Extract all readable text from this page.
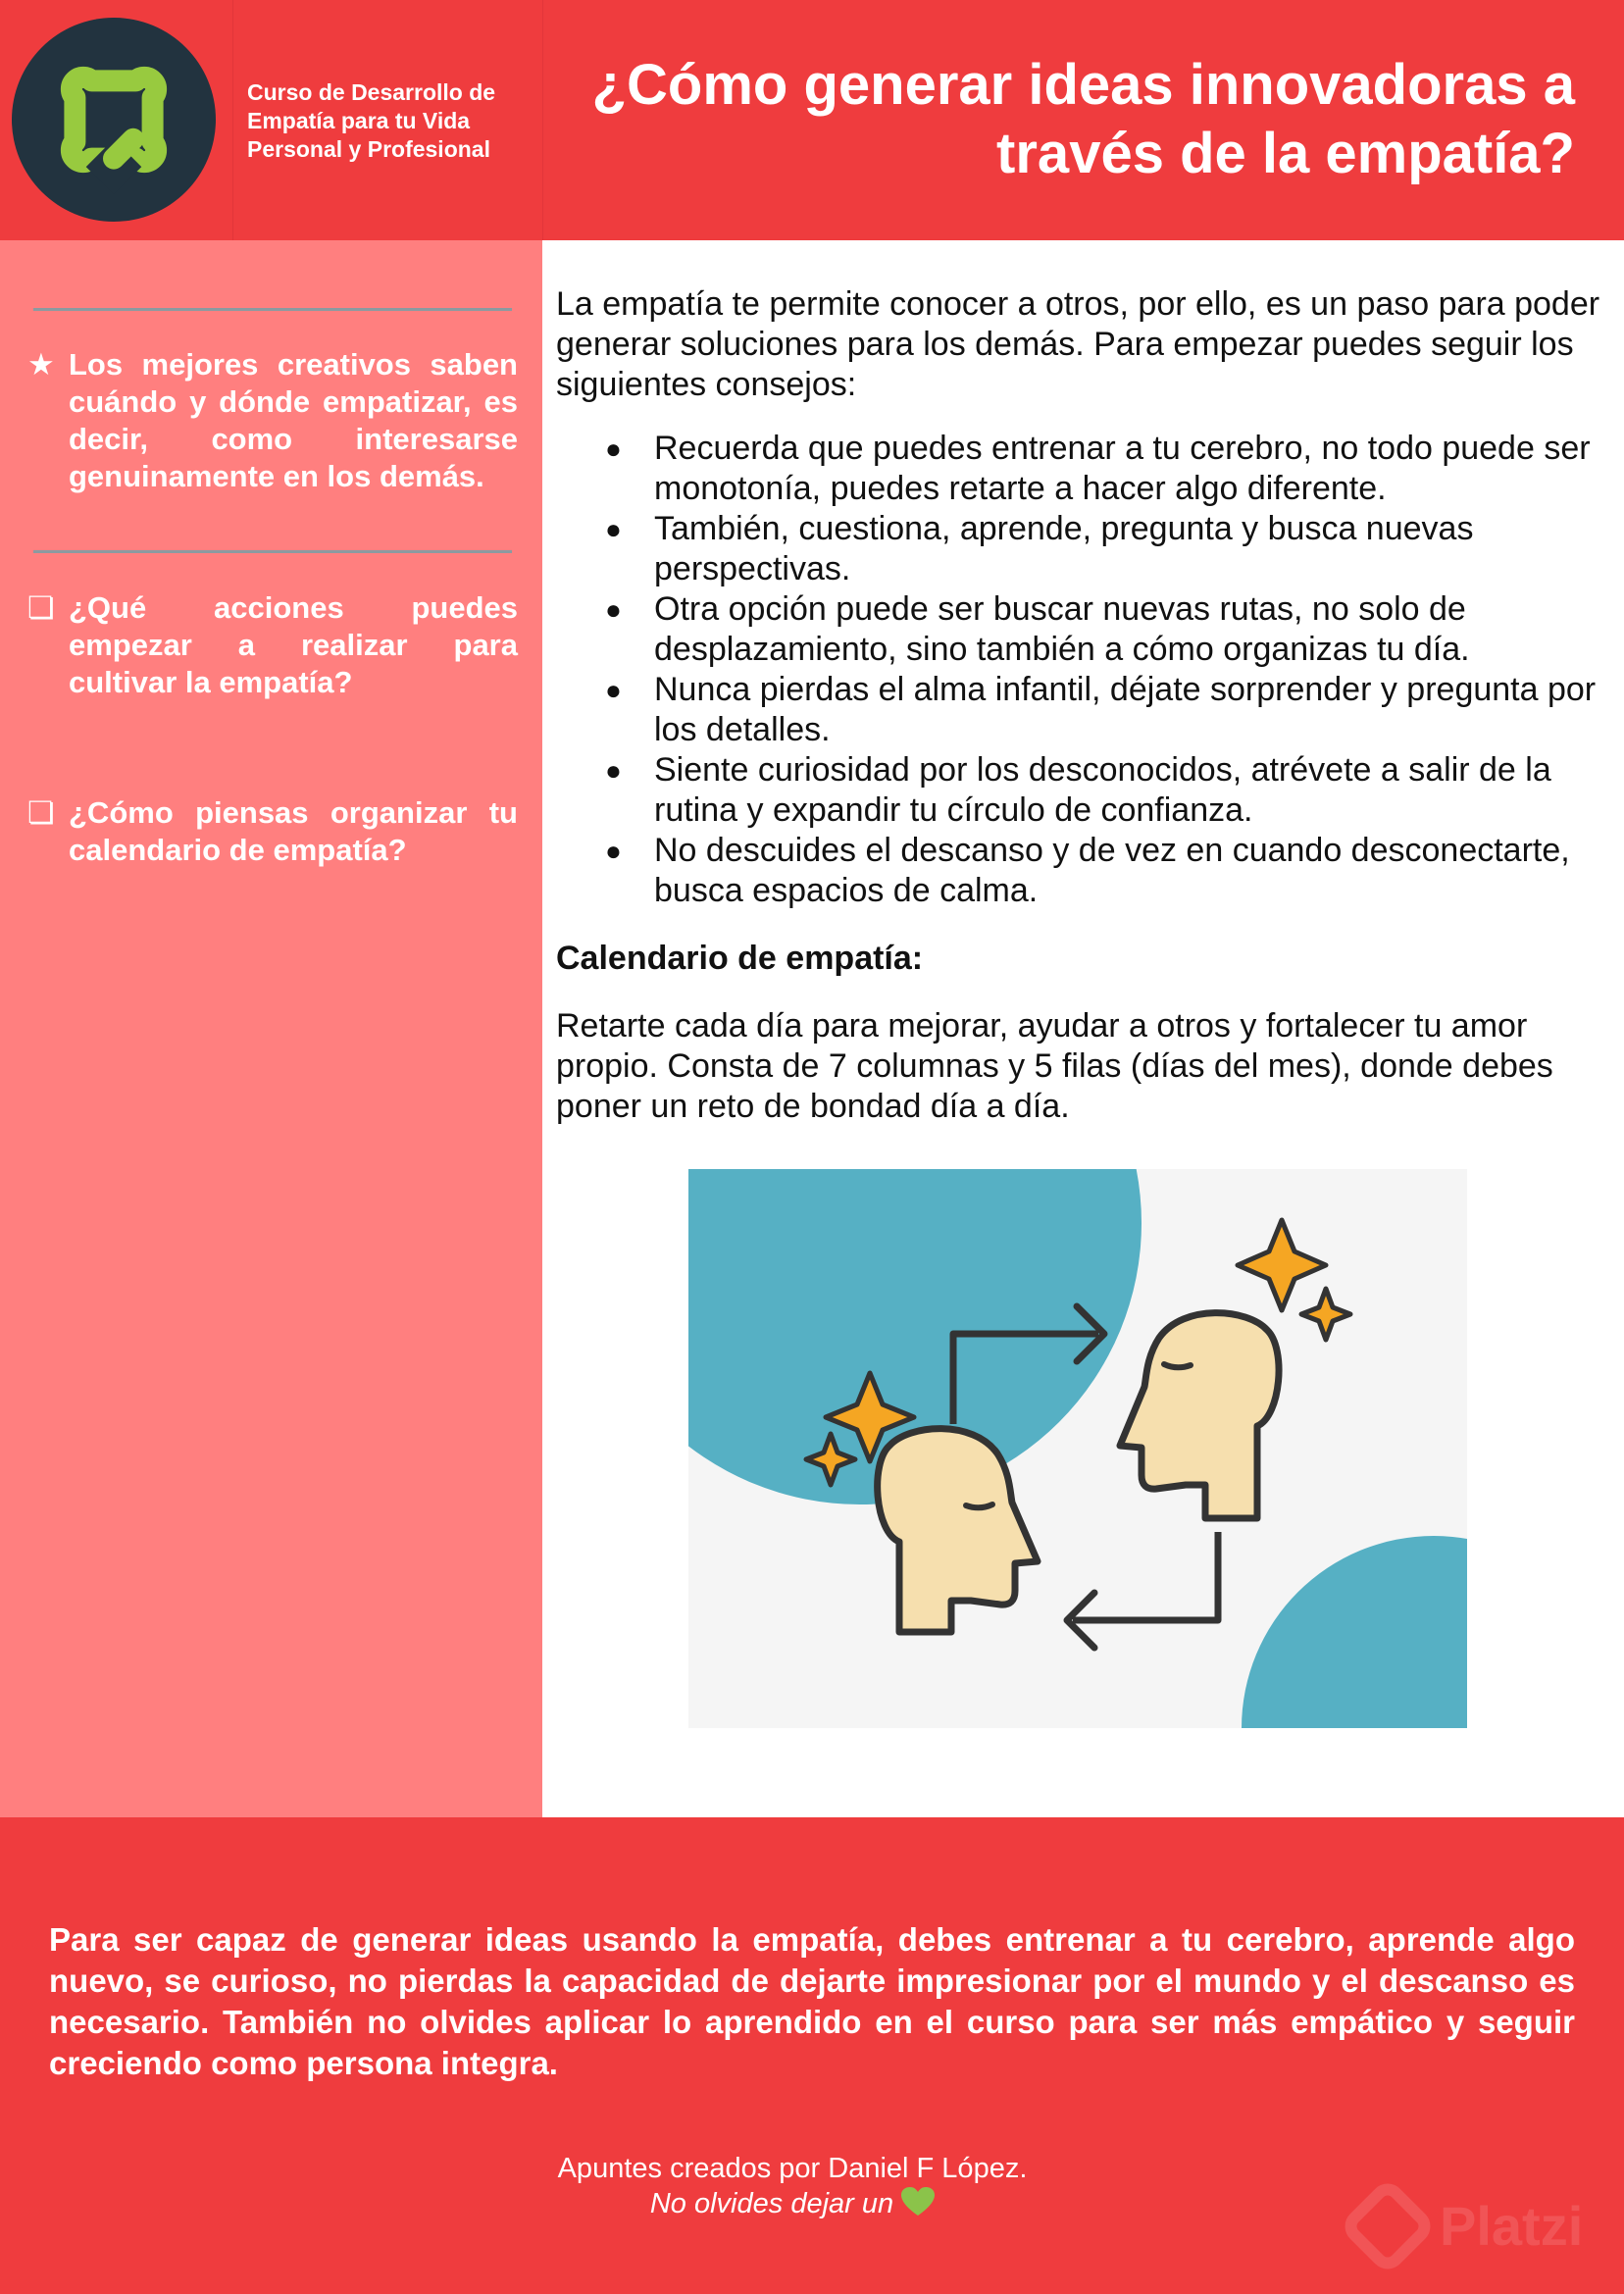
Curso de Desarrollo de Empatía para tu Vida Personal y Profesional
¿Cómo generar ideas innovadoras a través de la empatía?
★ Los mejores creativos saben cuándo y dónde empatizar, es decir, como interesarse genuinamente en los demás.
❏ ¿Qué acciones puedes empezar a realizar para cultivar la empatía?
❏ ¿Cómo piensas organizar tu calendario de empatía?

La empatía te permite conocer a otros, por ello, es un paso para poder generar soluciones para los demás. Para empezar puedes seguir los siguientes consejos:

● Recuerda que puedes entrenar a tu cerebro, no todo puede ser monotonía, puedes retarte a hacer algo diferente.
● También, cuestiona, aprende, pregunta y busca nuevas perspectivas.
● Otra opción puede ser buscar nuevas rutas, no solo de desplazamiento, sino también a cómo organizas tu día.
● Nunca pierdas el alma infantil, déjate sorprender y pregunta por los detalles.
● Siente curiosidad por los desconocidos, atrévete a salir de la rutina y expandir tu círculo de confianza.
● No descuides el descanso y de vez en cuando desconectarte, busca espacios de calma.

Calendario de empatía:

Retarte cada día para mejorar, ayudar a otros y fortalecer tu amor propio. Consta de 7 columnas y 5 filas (días del mes), donde debes poner un reto de bondad día a día.

Para ser capaz de generar ideas usando la empatía, debes entrenar a tu cerebro, aprende algo nuevo, se curioso, no pierdas la capacidad de dejarte impresionar por el mundo y el descanso es necesario. También no olvides aplicar lo aprendido en el curso para ser más empático y seguir creciendo como persona integra.

Apuntes creados por Daniel F López.

No olvides dejar un	Platzi
